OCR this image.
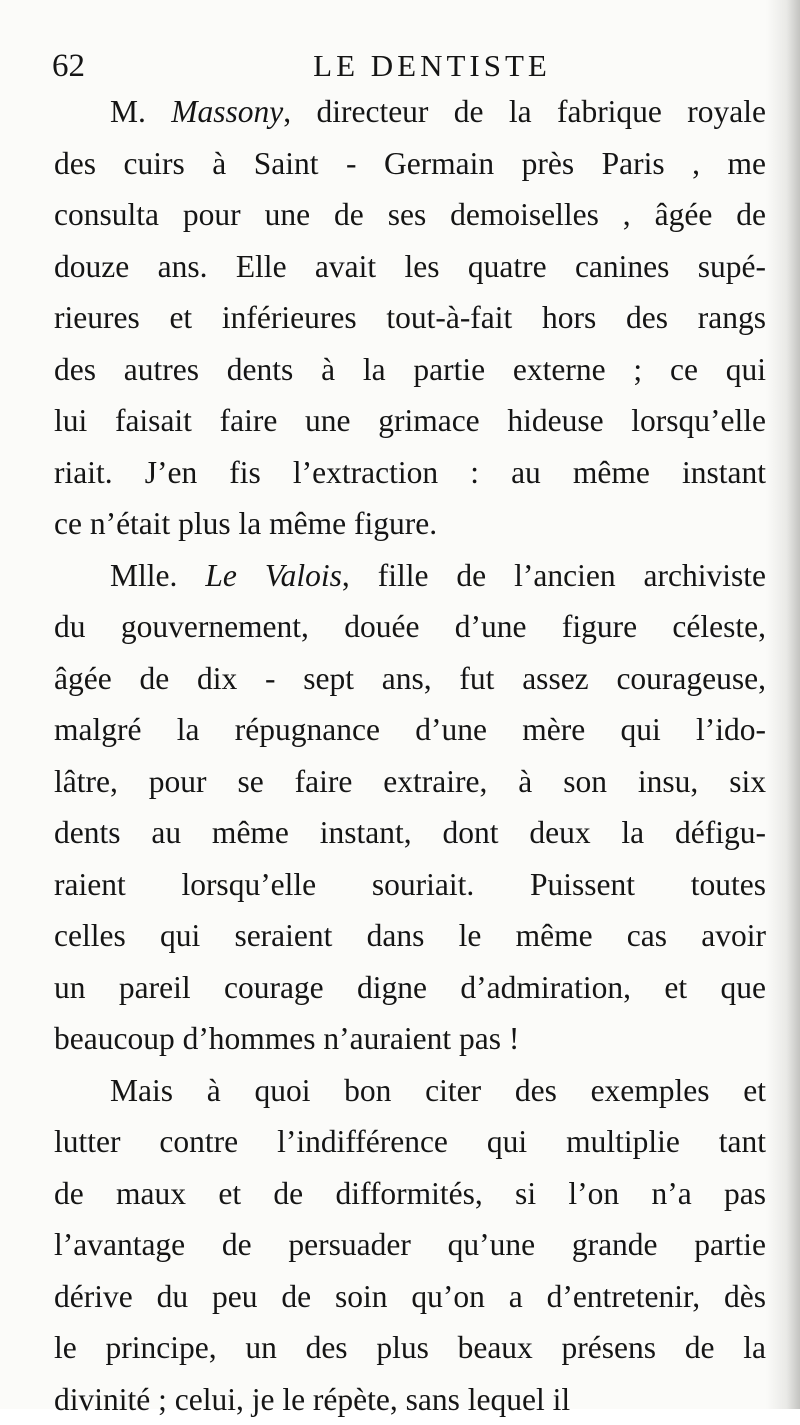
62	LE DENTISTE
M. Massony, directeur de la fabrique royale
des cuirs à Saint - Germain près Paris , me
consulta pour une de ses demoiselles , âgée de
douze ans. Elle avait les quatre canines supé-
rieures et inférieures tout-à-fait hors des rangs
des autres dents à la partie externe ; ce qui
lui faisait faire une grimace hideuse lorsqu’elle
riait. J’en fis l’extraction : au même instant
ce n’était plus la même figure.
Mlle. Le Valois, fille de l’ancien archiviste
du gouvernement, douée d’une figure céleste,
âgée de dix - sept ans, fut assez courageuse,
malgré la répugnance d’une mère qui l’ido-
lâtre, pour se faire extraire, à son insu, six
dents au même instant, dont deux la défigu-
raient lorsqu’elle souriait. Puissent toutes
celles qui seraient dans le même cas avoir
un pareil courage digne d’admiration, et que
beaucoup d’hommes n’auraient pas !
Mais à quoi bon citer des exemples et
lutter contre l’indifférence qui multiplie tant
de maux et de difformités, si l’on n’a pas
l’avantage de persuader qu’une grande partie
dérive du peu de soin qu’on a d’entretenir, dès
le principe, un des plus beaux présens de la
divinité ; celui, je le répète, sans lequel il
